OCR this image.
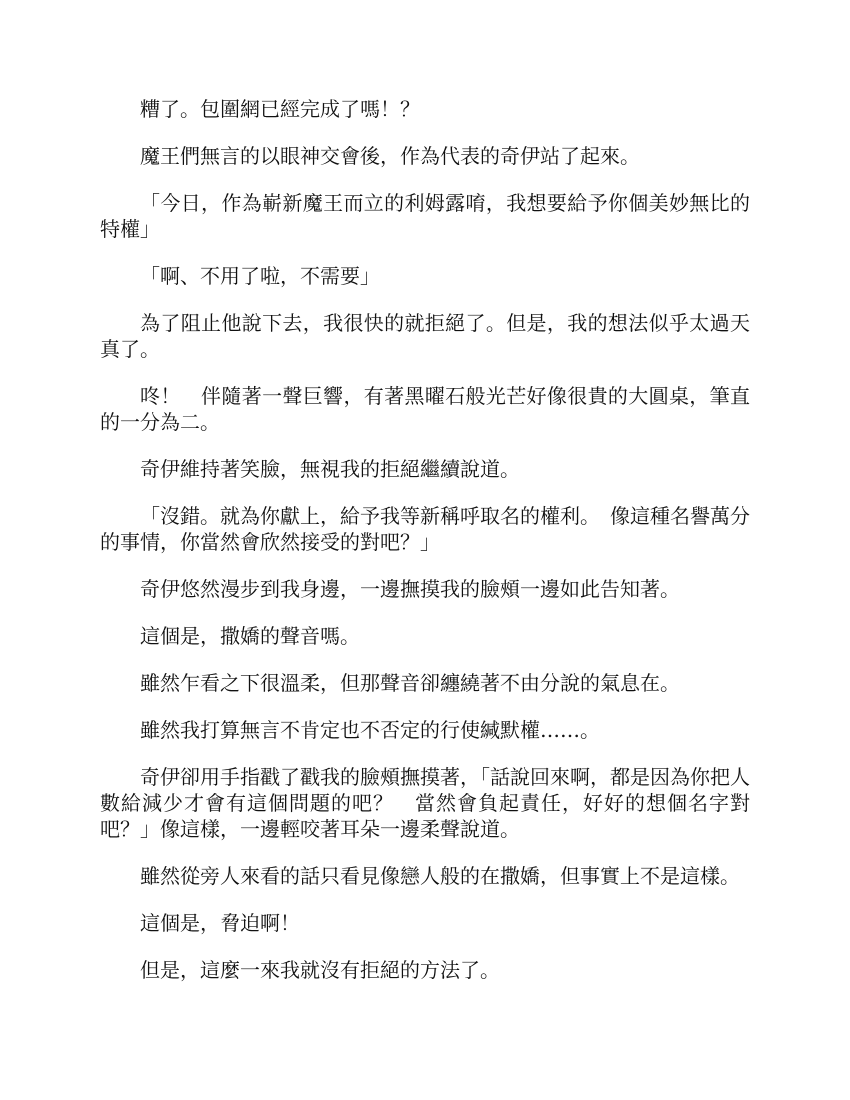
糟了。包圍網已經完成了嗎！？

魔王們無言的以眼神交會後，作為代表的奇伊站了起來。

「今日，作為嶄新魔王而立的利姆露唷，我想要給予你個美妙無比的特權」

「啊、不用了啦，不需要」

為了阻止他說下去，我很快的就拒絕了。但是，我的想法似乎太過天真了。

咚！　伴隨著一聲巨響，有著黑曜石般光芒好像很貴的大圓桌，筆直的一分為二。

奇伊維持著笑臉，無視我的拒絕繼續說道。

「沒錯。就為你獻上，給予我等新稱呼取名的權利。　像這種名譽萬分的事情，你當然會欣然接受的對吧？」

奇伊悠然漫步到我身邊，一邊撫摸我的臉頰一邊如此告知著。

這個是，撒嬌的聲音嗎。

雖然乍看之下很溫柔，但那聲音卻纏繞著不由分說的氣息在。

雖然我打算無言不肯定也不否定的行使緘默權……。

奇伊卻用手指戳了戳我的臉頰撫摸著，「話說回來啊，都是因為你把人數給減少才會有這個問題的吧？　當然會負起責任，好好的想個名字對吧？」像這樣，一邊輕咬著耳朵一邊柔聲說道。

雖然從旁人來看的話只看見像戀人般的在撒嬌，但事實上不是這樣。

這個是，脅迫啊！

但是，這麼一來我就沒有拒絕的方法了。
